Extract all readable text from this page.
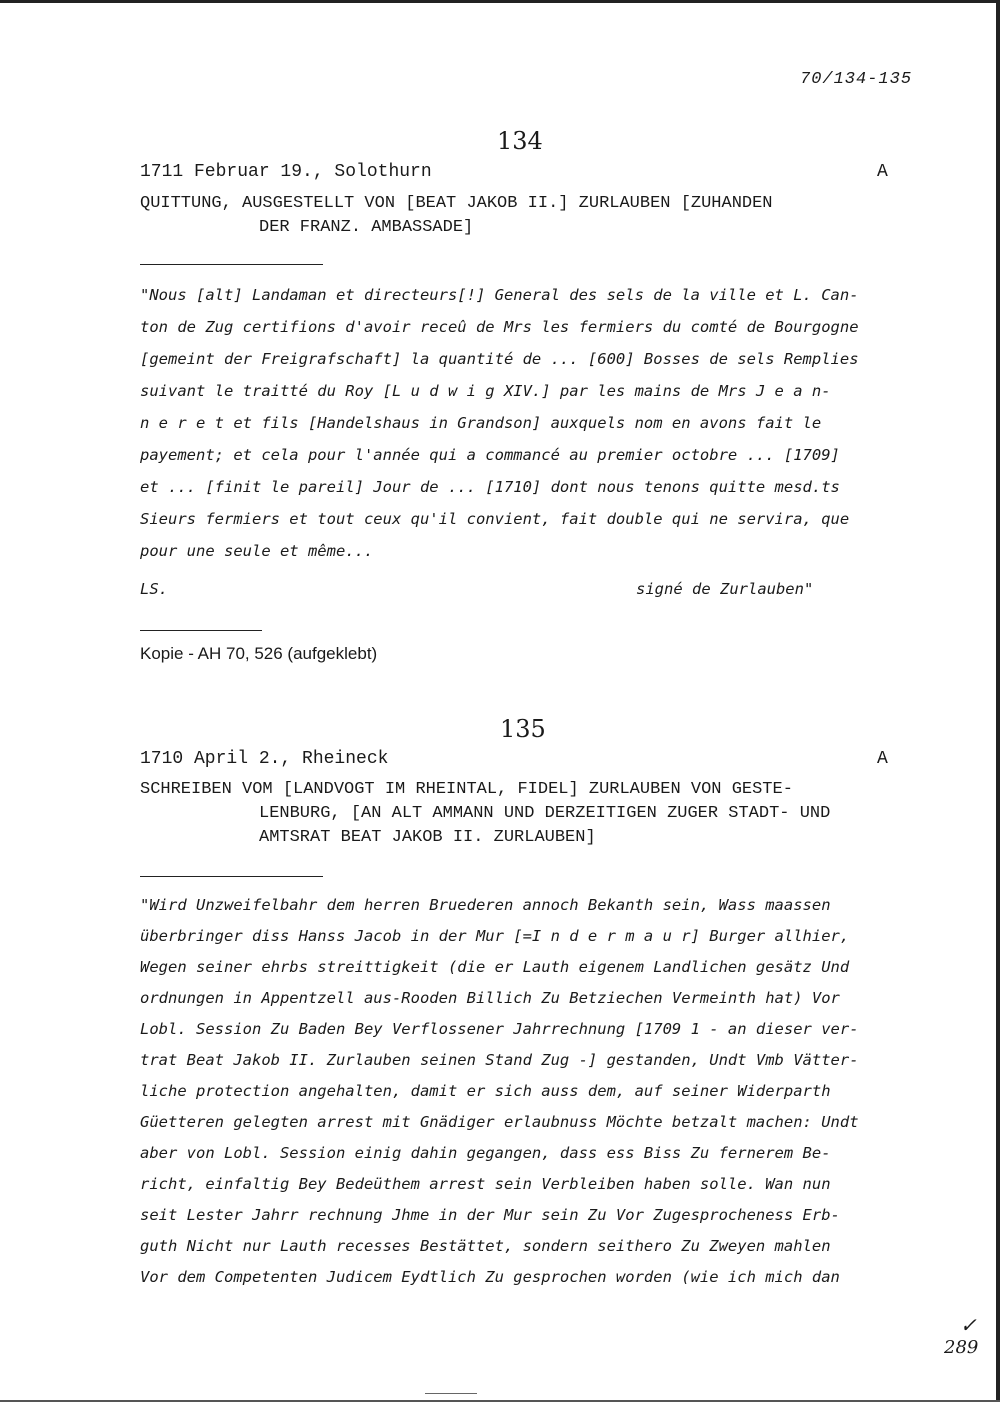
70/134-135
134
1711 Februar 19., Solothurn	A
QUITTUNG, AUSGESTELLT VON [BEAT JAKOB II.] ZURLAUBEN [ZUHANDEN
DER FRANZ. AMBASSADE]
"Nous [alt] Landaman et directeurs[!] General des sels de la ville et L. Can-
ton de Zug certifions d'avoir receû de Mrs les fermiers du comté de Bourgogne
[gemeint der Freigrafschaft] la quantité de ... [600] Bosses de sels Remplies
suivant le traitté du Roy [L u d w i g XIV.] par les mains de Mrs J e a n-
n e r e t et fils [Handelshaus in Grandson] auxquels nom en avons fait le
payement; et cela pour l'année qui a commancé au premier octobre ... [1709]
et ... [finit le pareil] Jour de ... [1710] dont nous tenons quitte mesd.ts
Sieurs fermiers et tout ceux qu'il convient, fait double qui ne servira, que
pour une seule et même...
LS.	signé de Zurlauben"
Kopie - AH 70, 526 (aufgeklebt)
135
1710 April 2., Rheineck	A
SCHREIBEN VOM [LANDVOGT IM RHEINTAL, FIDEL] ZURLAUBEN VON GESTE-
LENBURG, [AN ALT AMMANN UND DERZEITIGEN ZUGER STADT- UND
AMTSRAT BEAT JAKOB II. ZURLAUBEN]
"Wird Unzweifelbahr dem herren Bruederen annoch Bekanth sein, Wass maassen
überbringer diss Hanss Jacob in der Mur [=I n d e r m a u r] Burger allhier,
Wegen seiner ehrbs streittigkeit (die er Lauth eigenem Landlichen gesätz Und
ordnungen in Appentzell aus-Rooden Billich Zu Betziechen Vermeinth hat) Vor
Lobl. Session Zu Baden Bey Verflossener Jahrrechnung [1709 1 - an dieser ver-
trat Beat Jakob II. Zurlauben seinen Stand Zug -] gestanden, Undt Vmb Vätter-
liche protection angehalten, damit er sich auss dem, auf seiner Widerparth
Güetteren gelegten arrest mit Gnädiger erlaubnuss Möchte betzalt machen: Undt
aber von Lobl. Session einig dahin gegangen, dass ess Biss Zu fernerem Be-
richt, einfaltig Bey Bedeüthem arrest sein Verbleiben haben solle. Wan nun
seit Lester Jahrr rechnung Jhme in der Mur sein Zu Vor Zugesprocheness Erb-
guth Nicht nur Lauth recesses Bestättet, sondern seithero Zu Zweyen mahlen
Vor dem Competenten Judicem Eydtlich Zu gesprochen worden (wie ich mich dan
✓
289
